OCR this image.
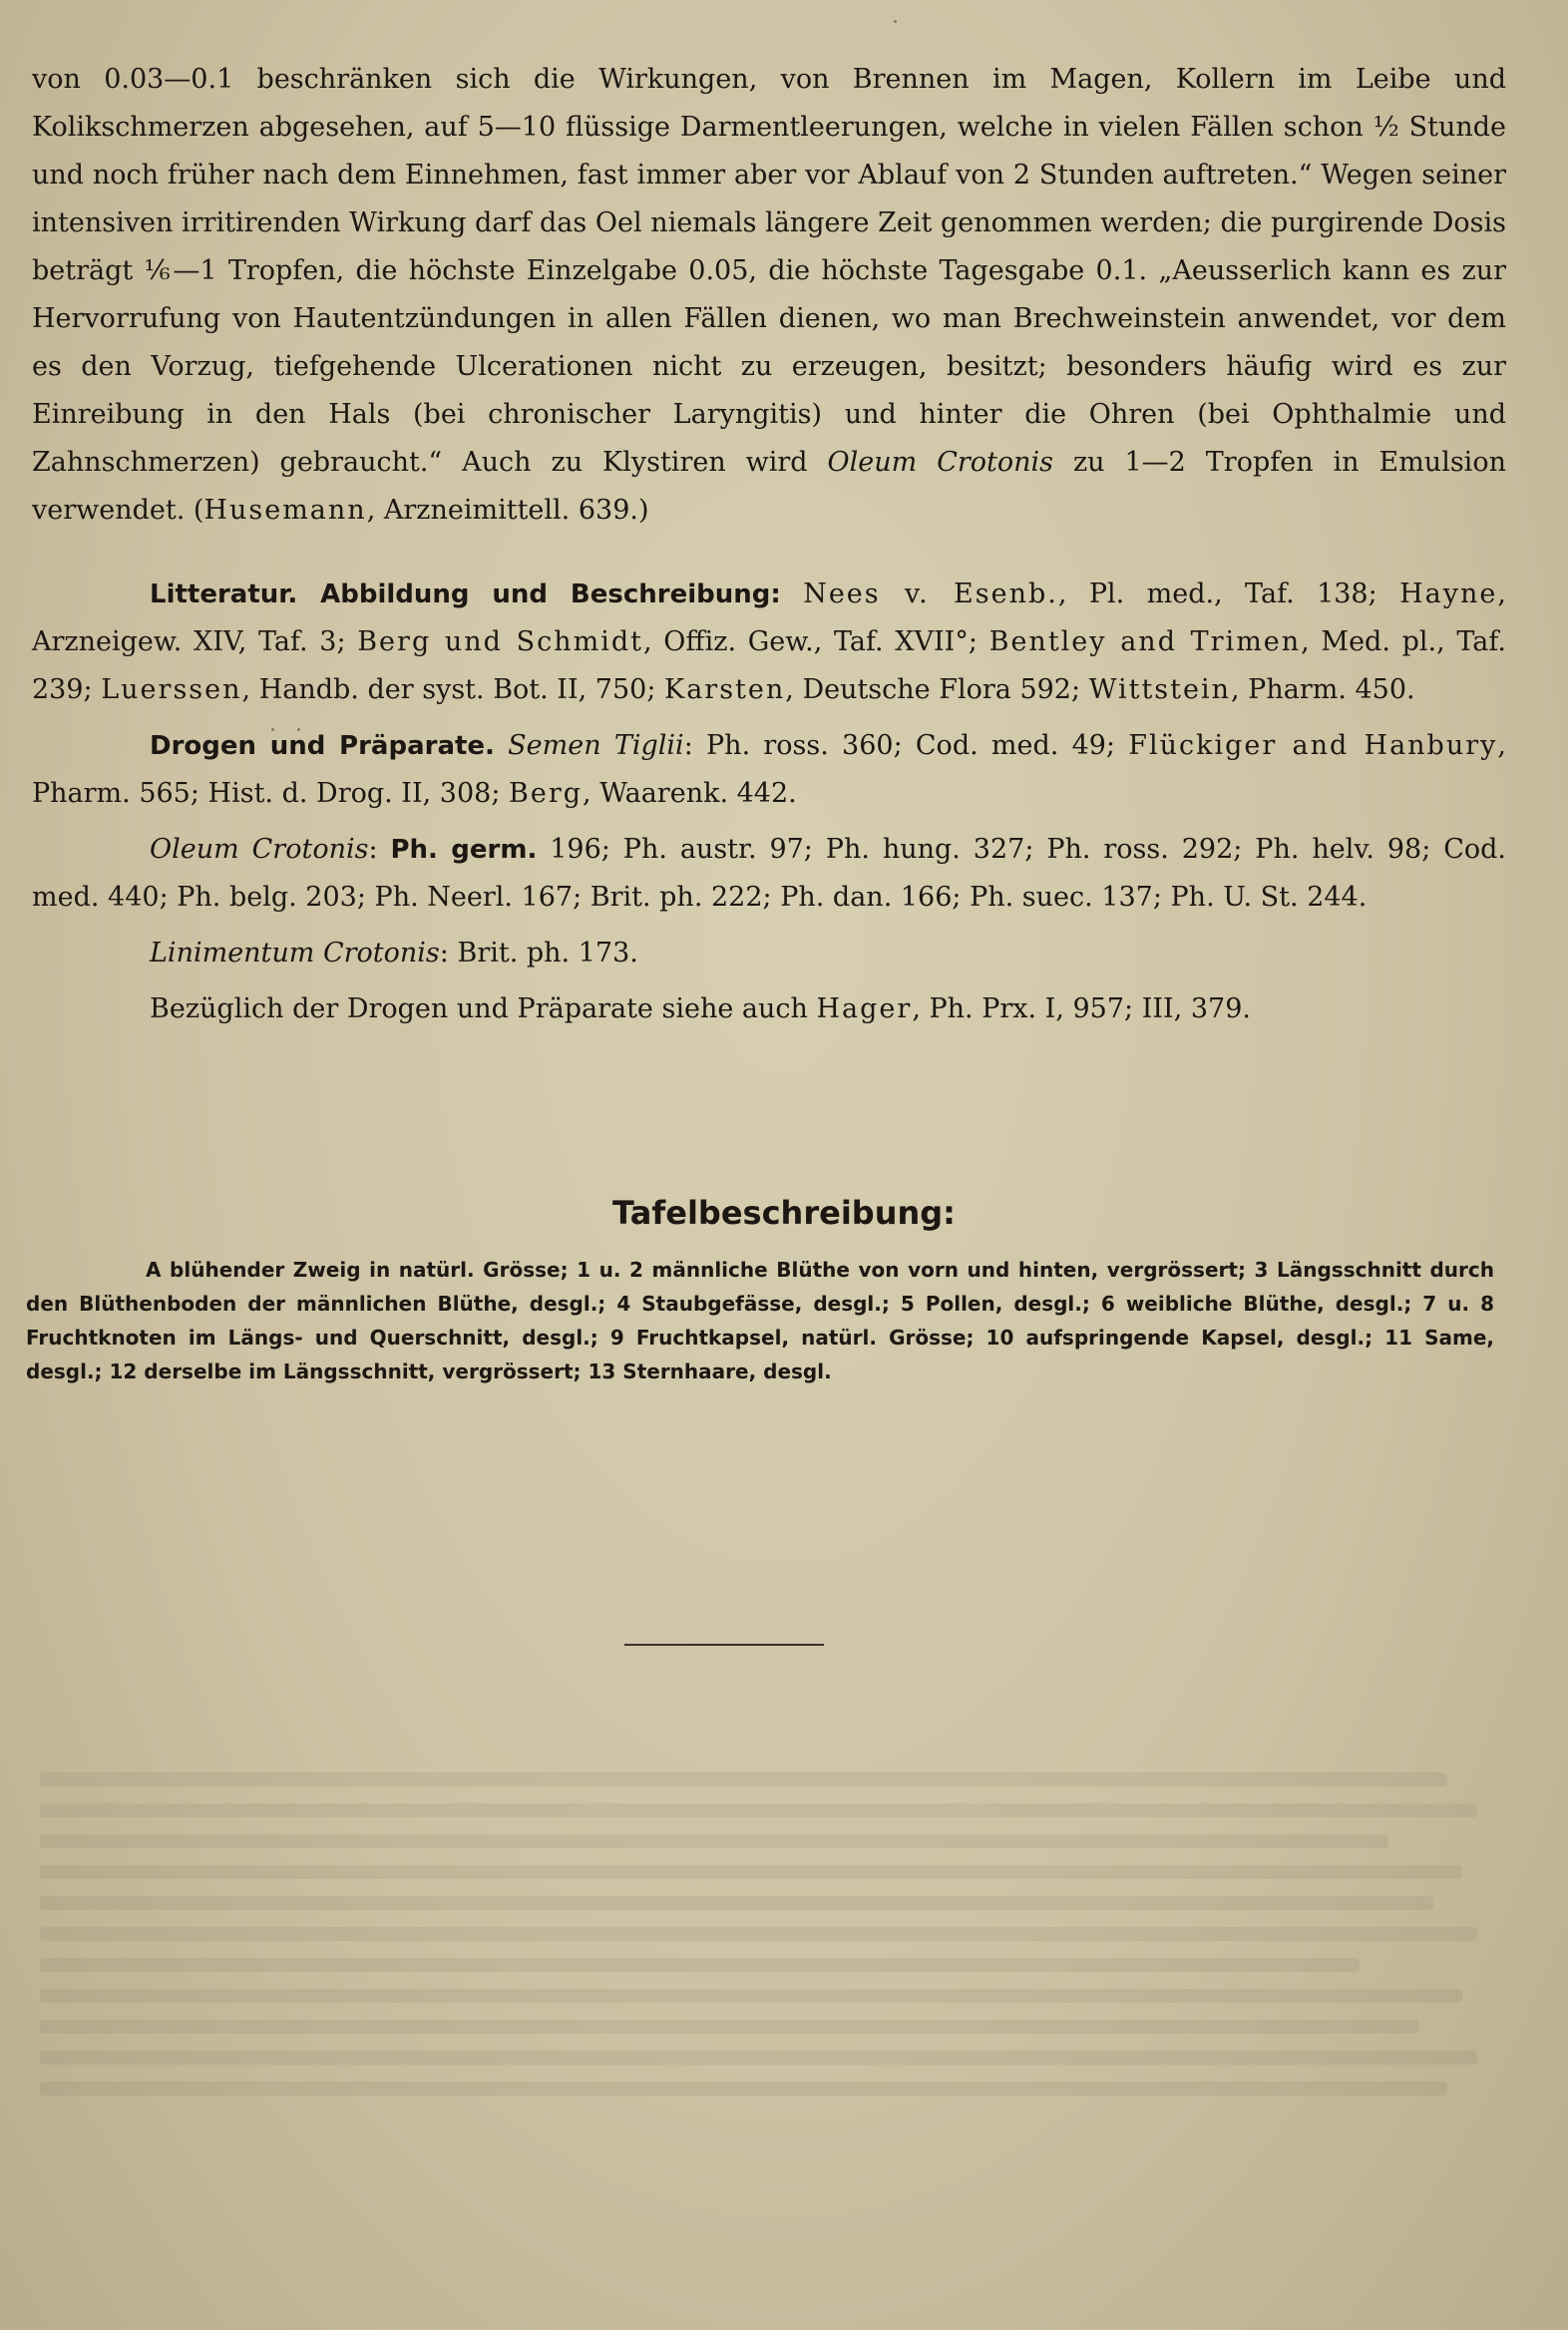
von 0.03—0.1 beschränken sich die Wirkungen, von Brennen im Magen, Kollern im Leibe und Kolikschmerzen abgesehen, auf 5—10 flüssige Darmentleerungen, welche in vielen Fällen schon ½ Stunde und noch früher nach dem Einnehmen, fast immer aber vor Ablauf von 2 Stunden auftreten.“ Wegen seiner intensiven irritirenden Wirkung darf das Oel niemals längere Zeit genommen werden; die purgirende Dosis beträgt ⅙—1 Tropfen, die höchste Einzelgabe 0.05, die höchste Tagesgabe 0.1. „Aeusserlich kann es zur Hervorrufung von Hautentzündungen in allen Fällen dienen, wo man Brechweinstein anwendet, vor dem es den Vorzug, tiefgehende Ulcerationen nicht zu erzeugen, besitzt; besonders häufig wird es zur Einreibung in den Hals (bei chronischer Laryngitis) und hinter die Ohren (bei Ophthalmie und Zahnschmerzen) gebraucht.“ Auch zu Klystiren wird Oleum Crotonis zu 1—2 Tropfen in Emulsion verwendet. (Husemann, Arzneimittell. 639.)

Litteratur. Abbildung und Beschreibung: Nees v. Esenb., Pl. med., Taf. 138; Hayne, Arzneigew. XIV, Taf. 3; Berg und Schmidt, Offiz. Gew., Taf. XVII°; Bentley and Trimen, Med. pl., Taf. 239; Luerssen, Handb. der syst. Bot. II, 750; Karsten, Deutsche Flora 592; Wittstein, Pharm. 450.

Drogen und Präparate. Semen Tiglii: Ph. ross. 360; Cod. med. 49; Flückiger and Hanbury, Pharm. 565; Hist. d. Drog. II, 308; Berg, Waarenk. 442.

Oleum Crotonis: Ph. germ. 196; Ph. austr. 97; Ph. hung. 327; Ph. ross. 292; Ph. helv. 98; Cod. med. 440; Ph. belg. 203; Ph. Neerl. 167; Brit. ph. 222; Ph. dan. 166; Ph. suec. 137; Ph. U. St. 244.

Linimentum Crotonis: Brit. ph. 173.

Bezüglich der Drogen und Präparate siehe auch Hager, Ph. Prx. I, 957; III, 379.

Tafelbeschreibung:
A blühender Zweig in natürl. Grösse; 1 u. 2 männliche Blüthe von vorn und hinten, vergrössert; 3 Längsschnitt durch den Blüthenboden der männlichen Blüthe, desgl.; 4 Staubgefässe, desgl.; 5 Pollen, desgl.; 6 weibliche Blüthe, desgl.; 7 u. 8 Fruchtknoten im Längs- und Querschnitt, desgl.; 9 Fruchtkapsel, natürl. Grösse; 10 aufspringende Kapsel, desgl.; 11 Same, desgl.; 12 derselbe im Längsschnitt, vergrössert; 13 Sternhaare, desgl.
